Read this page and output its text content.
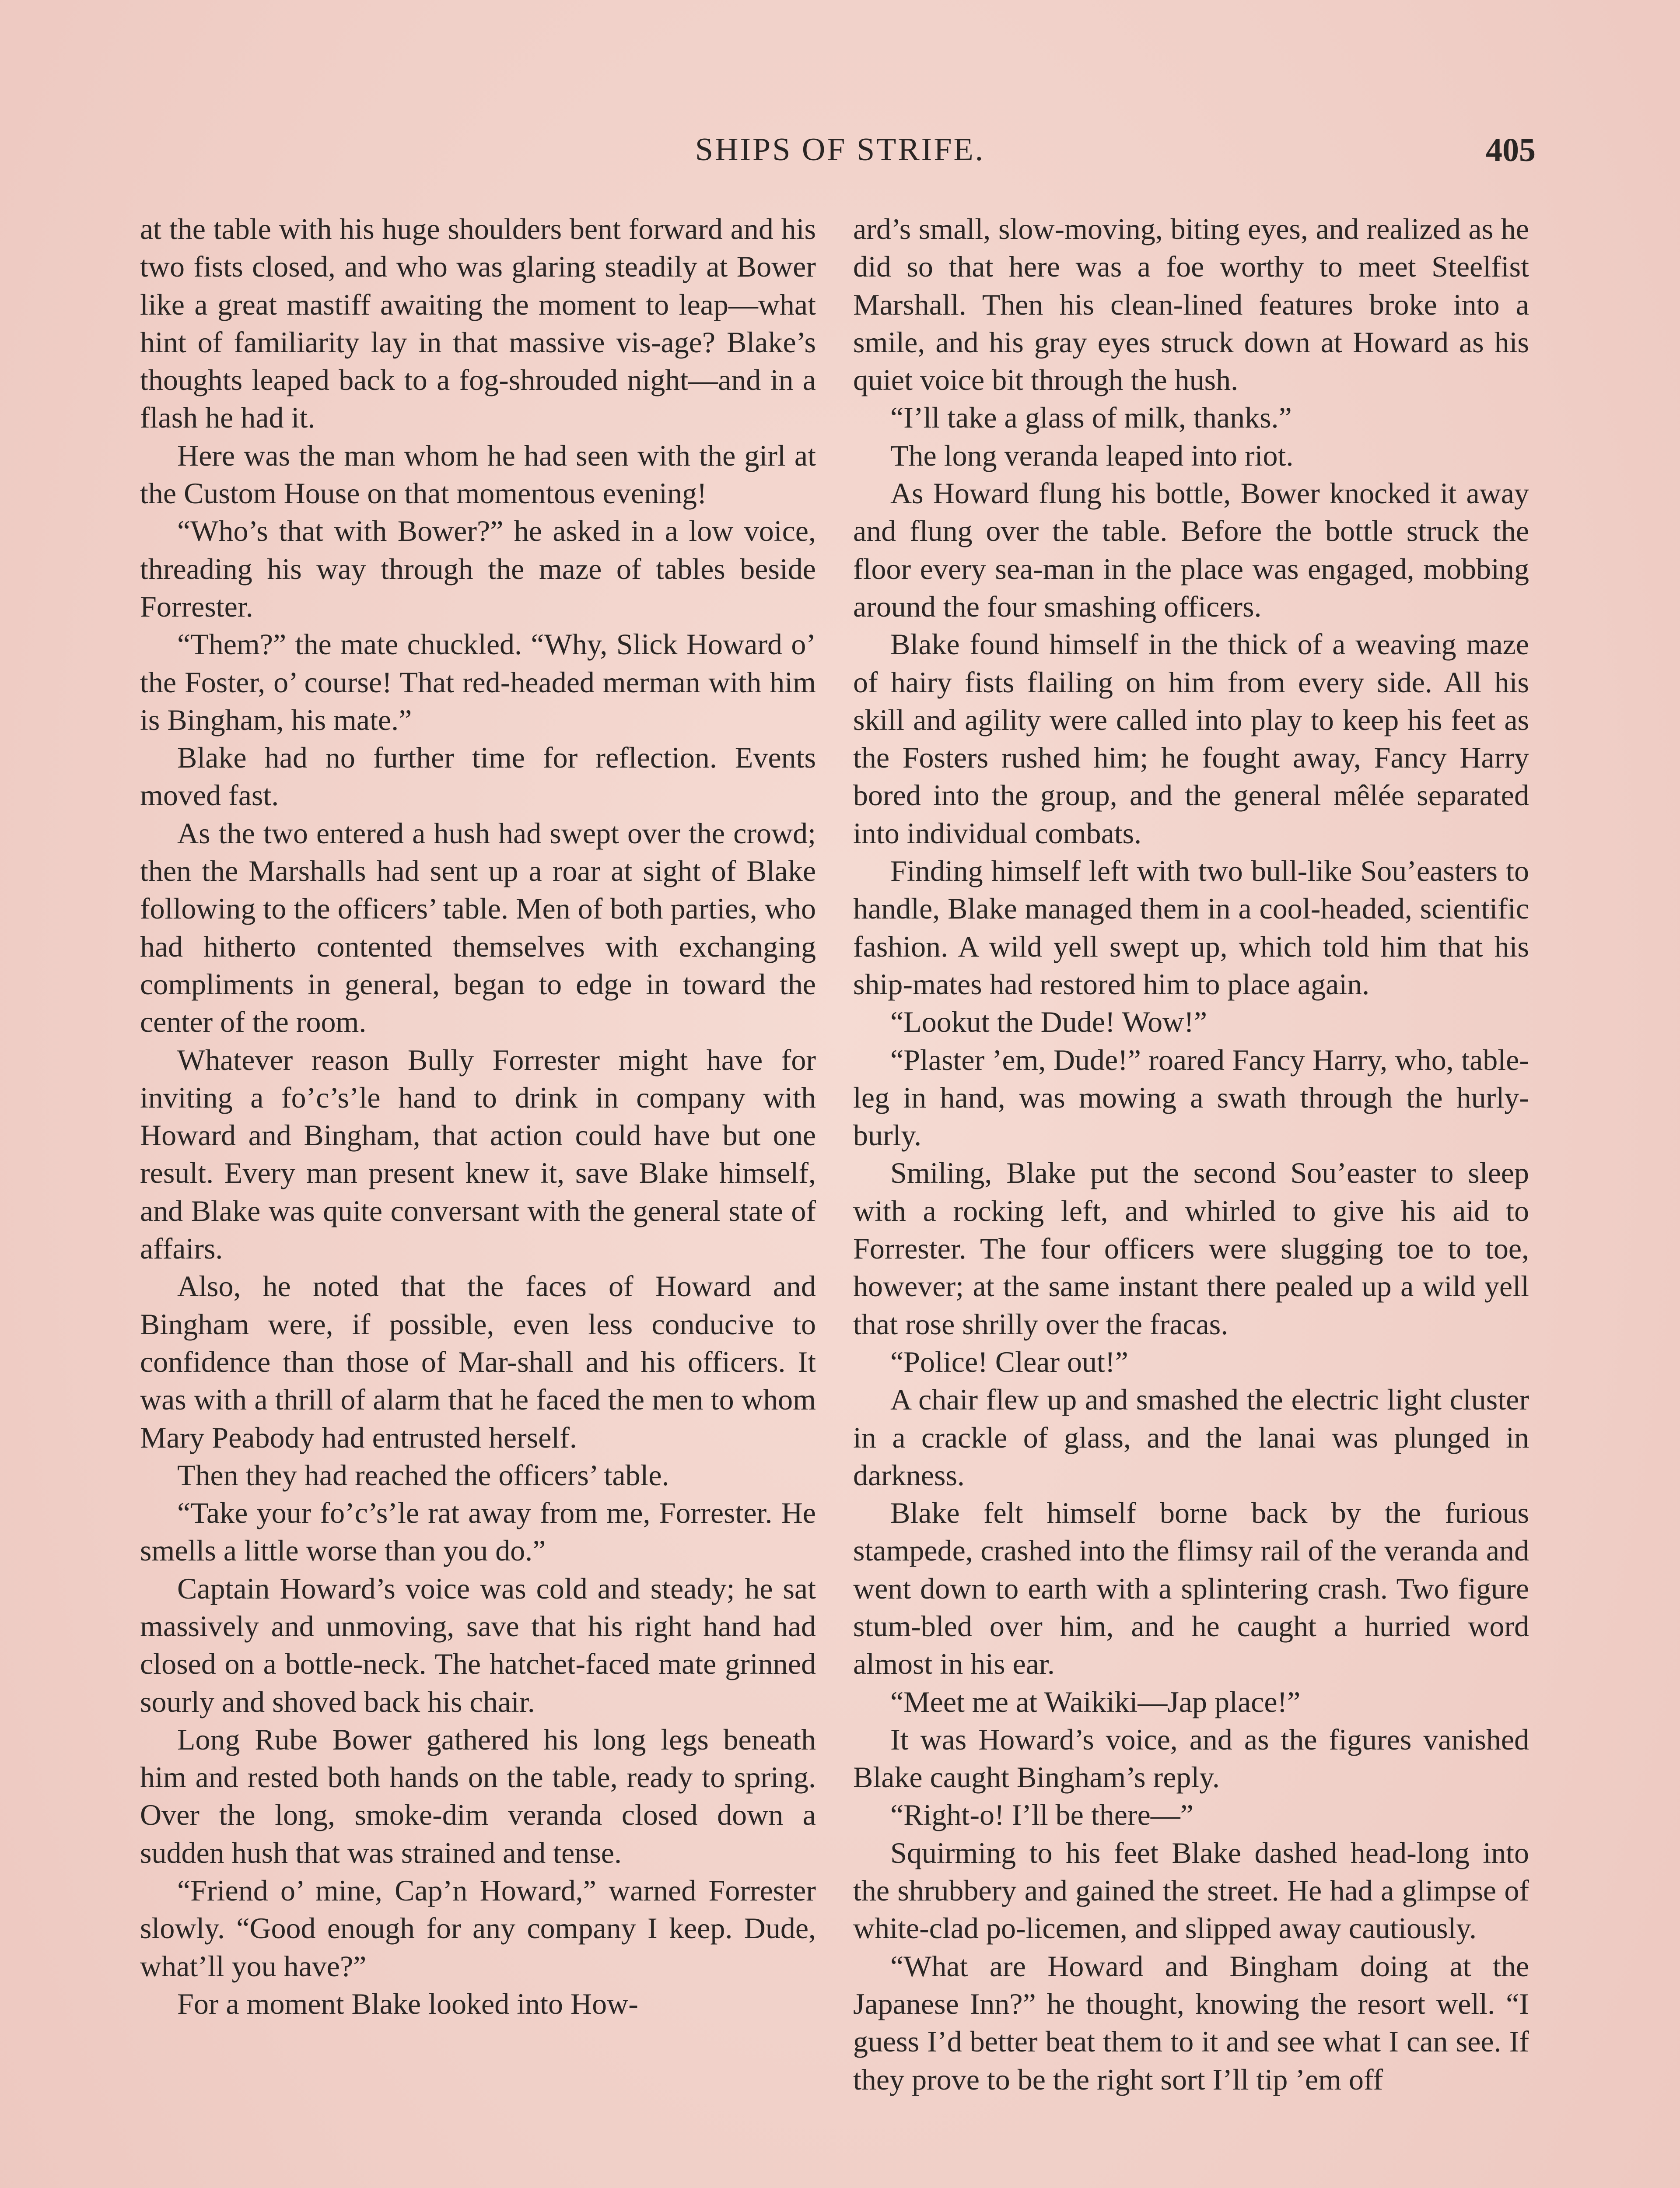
SHIPS OF STRIFE.	405

at the table with his huge shoulders bent forward and his two fists closed, and who was glaring steadily at Bower like a great mastiff awaiting the moment to leap—what hint of familiarity lay in that massive vis-age? Blake’s thoughts leaped back to a fog-shrouded night—and in a flash he had it.

Here was the man whom he had seen with the girl at the Custom House on that momentous evening!

“Who’s that with Bower?” he asked in a low voice, threading his way through the maze of tables beside Forrester.

“Them?” the mate chuckled. “Why, Slick Howard o’ the Foster, o’ course! That red-headed merman with him is Bingham, his mate.”

Blake had no further time for reflection. Events moved fast.

As the two entered a hush had swept over the crowd; then the Marshalls had sent up a roar at sight of Blake following to the officers’ table. Men of both parties, who had hitherto contented themselves with exchanging compliments in general, began to edge in toward the center of the room.

Whatever reason Bully Forrester might have for inviting a fo’c’s’le hand to drink in company with Howard and Bingham, that action could have but one result. Every man present knew it, save Blake himself, and Blake was quite conversant with the general state of affairs.

Also, he noted that the faces of Howard and Bingham were, if possible, even less conducive to confidence than those of Mar-shall and his officers. It was with a thrill of alarm that he faced the men to whom Mary Peabody had entrusted herself.

Then they had reached the officers’ table.

“Take your fo’c’s’le rat away from me, Forrester. He smells a little worse than you do.”

Captain Howard’s voice was cold and steady; he sat massively and unmoving, save that his right hand had closed on a bottle-neck. The hatchet-faced mate grinned sourly and shoved back his chair.

Long Rube Bower gathered his long legs beneath him and rested both hands on the table, ready to spring. Over the long, smoke-dim veranda closed down a sudden hush that was strained and tense.

“Friend o’ mine, Cap’n Howard,” warned Forrester slowly. “Good enough for any company I keep. Dude, what’ll you have?”

For a moment Blake looked into How-

ard’s small, slow-moving, biting eyes, and realized as he did so that here was a foe worthy to meet Steelfist Marshall. Then his clean-lined features broke into a smile, and his gray eyes struck down at Howard as his quiet voice bit through the hush.

“I’ll take a glass of milk, thanks.”

The long veranda leaped into riot.

As Howard flung his bottle, Bower knocked it away and flung over the table. Before the bottle struck the floor every sea-man in the place was engaged, mobbing around the four smashing officers.

Blake found himself in the thick of a weaving maze of hairy fists flailing on him from every side. All his skill and agility were called into play to keep his feet as the Fosters rushed him; he fought away, Fancy Harry bored into the group, and the general mêlée separated into individual combats.

Finding himself left with two bull-like Sou’easters to handle, Blake managed them in a cool-headed, scientific fashion. A wild yell swept up, which told him that his ship-mates had restored him to place again.

“Lookut the Dude! Wow!”

“Plaster ’em, Dude!” roared Fancy Harry, who, table-leg in hand, was mowing a swath through the hurly-burly.

Smiling, Blake put the second Sou’easter to sleep with a rocking left, and whirled to give his aid to Forrester. The four officers were slugging toe to toe, however; at the same instant there pealed up a wild yell that rose shrilly over the fracas.

“Police! Clear out!”

A chair flew up and smashed the electric light cluster in a crackle of glass, and the lanai was plunged in darkness.

Blake felt himself borne back by the furious stampede, crashed into the flimsy rail of the veranda and went down to earth with a splintering crash. Two figure stum-bled over him, and he caught a hurried word almost in his ear.

“Meet me at Waikiki—Jap place!”

It was Howard’s voice, and as the figures vanished Blake caught Bingham’s reply.

“Right-o! I’ll be there—”

Squirming to his feet Blake dashed head-long into the shrubbery and gained the street. He had a glimpse of white-clad po-licemen, and slipped away cautiously.

“What are Howard and Bingham doing at the Japanese Inn?” he thought, knowing the resort well. “I guess I’d better beat them to it and see what I can see. If they prove to be the right sort I’ll tip ’em off
